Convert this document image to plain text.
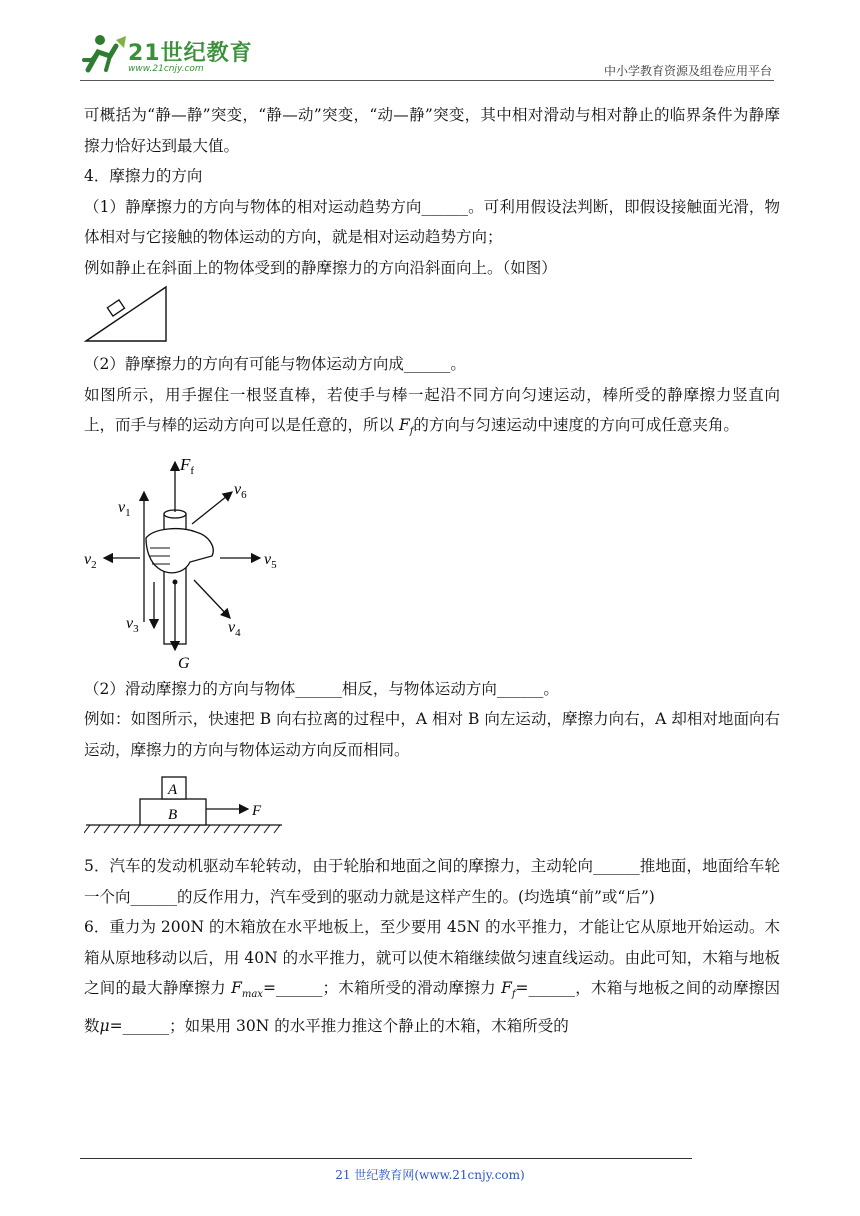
21世纪教育
www.21cnjy.com	中小学教育资源及组卷应用平台

可概括为“静—静”突变，“静—动”突变，“动—静”突变，其中相对滑动与相对静止的临界条件为静摩擦力恰好达到最大值。

4．摩擦力的方向

（1）静摩擦力的方向与物体的相对运动趋势方向______。可利用假设法判断，即假设接触面光滑，物体相对与它接触的物体运动的方向，就是相对运动趋势方向；

例如静止在斜面上的物体受到的静摩擦力的方向沿斜面向上。（如图）

（2）静摩擦力的方向有可能与物体运动方向成______。

如图所示，用手握住一根竖直棒，若使手与棒一起沿不同方向匀速运动，棒所受的静摩擦力竖直向上，而手与棒的运动方向可以是任意的，所以 $F_f$的方向与匀速运动中速度的方向可成任意夹角。

$F_f$
G
$v_1$
$v_3$
$v_2$	$v_5$
$v_6$
$v_4$

（2）滑动摩擦力的方向与物体______相反，与物体运动方向______。

例如：如图所示，快速把 B 向右拉离的过程中，A 相对 B 向左运动，摩擦力向右，A 却相对地面向右运动，摩擦力的方向与物体运动方向反而相同。

A
B	F

5．汽车的发动机驱动车轮转动，由于轮胎和地面之间的摩擦力，主动轮向______推地面，地面给车轮一个向______的反作用力，汽车受到的驱动力就是这样产生的。(均选填“前”或“后”)

6．重力为 200N 的木箱放在水平地板上，至少要用 45N 的水平推力，才能让它从原地开始运动。木箱从原地移动以后，用 40N 的水平推力，就可以使木箱继续做匀速直线运动。由此可知，木箱与地板之间的最大静摩擦力 $F_{max}=\_\_\_\_\_\_$；木箱所受的滑动摩擦力 $F_f=\_\_\_\_\_\_$，木箱与地板之间的动摩擦因数μ=______；如果用 30N 的水平推力推这个静止的木箱，木箱所受的

21 世纪教育网(www.21cnjy.com)
